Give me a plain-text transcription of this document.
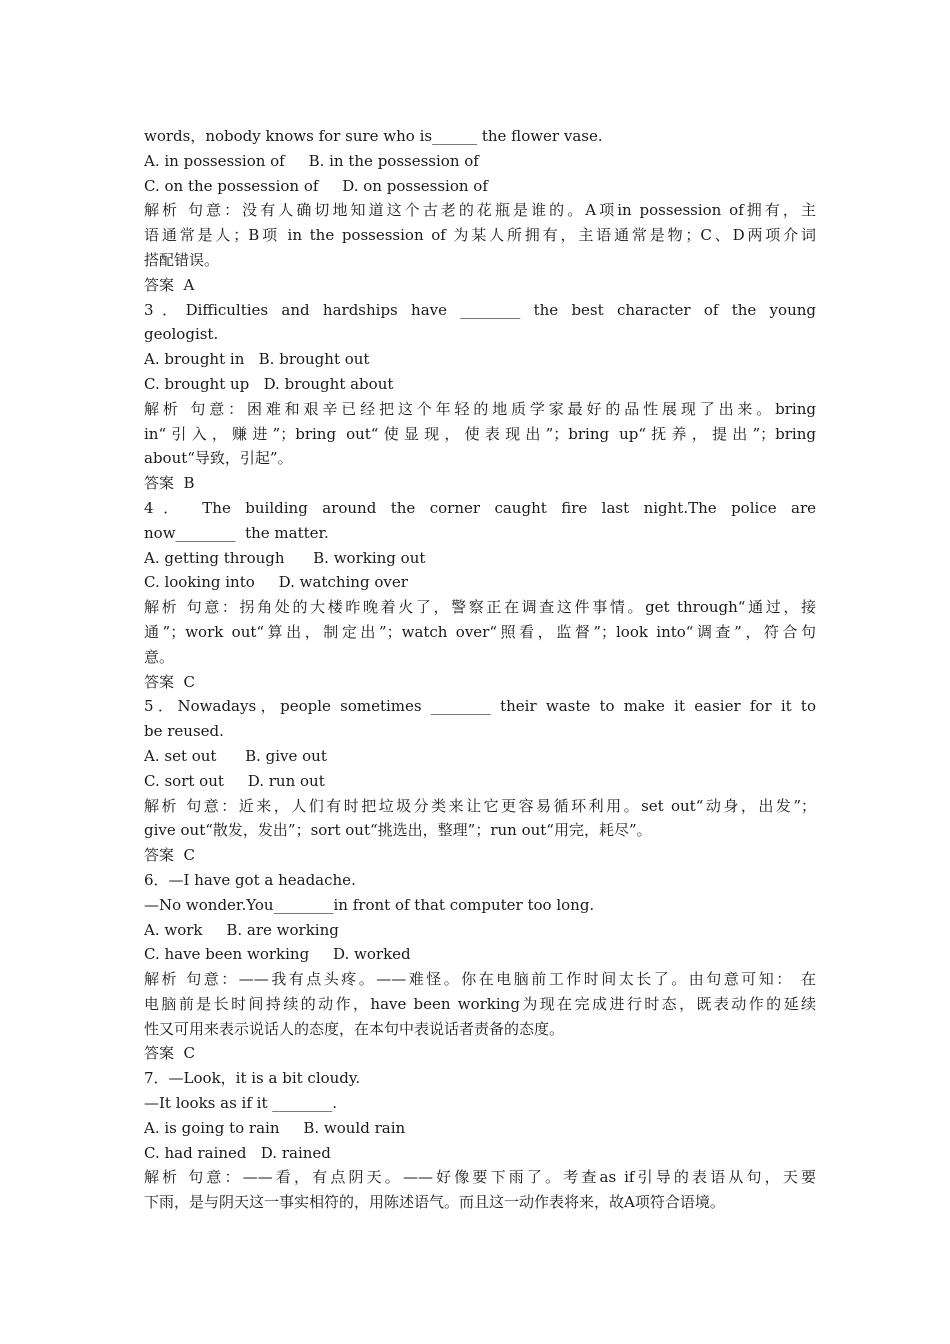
words，nobody knows for sure who is______ the flower vase.
A. in possession of     B. in the possession of
C. on the possession of     D. on possession of
解析 句意：没有人确切地知道这个古老的花瓶是谁的。A项in possession of拥有，主
语通常是人；B项 in the possession of 为某人所拥有，主语通常是物；C、D两项介词
搭配错误。
答案  A
3．Difficulties and hardships have ________ the best character of the young
geologist.
A. brought in   B. brought out
C. brought up   D. brought about
解析 句意：困难和艰辛已经把这个年轻的地质学家最好的品性展现了出来。bring
in“引入，赚进”；bring out“使显现，使表现出”；bring up“抚养，提出”；bring
about“导致，引起”。
答案  B
4． The building around the corner caught fire last night.The police are
now________  the matter.
A. getting through      B. working out
C. looking into     D. watching over
解析 句意：拐角处的大楼昨晚着火了，警察正在调查这件事情。get through“通过，接
通”；work out“算出，制定出”；watch over“照看，监督”；look into“调查”，符合句
意。
答案  C
5．Nowadays，people sometimes ________ their waste to make it easier for it to
be reused.
A. set out      B. give out
C. sort out     D. run out
解析 句意：近来，人们有时把垃圾分类来让它更容易循环利用。set out“动身，出发”；
give out“散发，发出”；sort out“挑选出，整理”；run out“用完，耗尽”。
答案  C
6．—I have got a headache.
—No wonder.You________in front of that computer too long.
A. work     B. are working
C. have been working     D. worked
解析 句意：——我有点头疼。——难怪。你在电脑前工作时间太长了。由句意可知： 在
电脑前是长时间持续的动作，have been working为现在完成进行时态，既表动作的延续
性又可用来表示说话人的态度，在本句中表说话者责备的态度。
答案  C
7．—Look，it is a bit cloudy.
—It looks as if it ________.
A. is going to rain     B. would rain
C. had rained   D. rained
解析 句意：——看，有点阴天。——好像要下雨了。考查as if引导的表语从句，天要
下雨，是与阴天这一事实相符的，用陈述语气。而且这一动作表将来，故A项符合语境。
